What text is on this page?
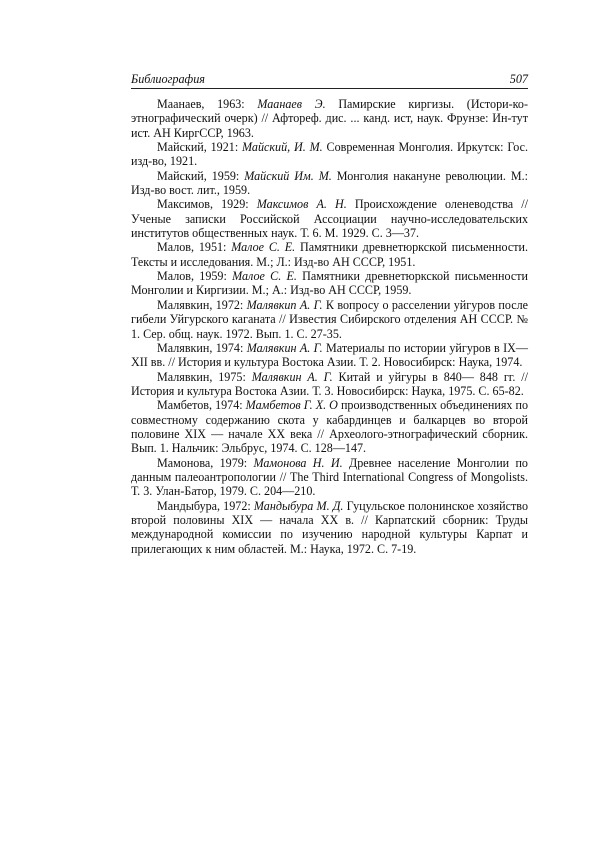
Библиография	507

Маанаев, 1963: Маанаев Э. Памирские киргизы. (Истори-ко-этнографический очерк) // Афтореф. дис. ... канд. ист, наук. Фрунзе: Ин-тут ист. АН КиргССР, 1963.

Майский, 1921: Майский, И. М. Современная Монголия. Иркутск: Гос. изд-во, 1921.

Майский, 1959: Майский Им. М. Монголия накануне революции. М.: Изд-во вост. лит., 1959.

Максимов, 1929: Максимов А. Н. Происхождение оленеводства // Ученые записки Российской Ассоциации научно-исследовательских институтов общественных наук. Т. 6. М. 1929. С. 3—37.

Малов, 1951: Малое С. Е. Памятники древнетюркской письменности. Тексты и исследования. М.; Л.: Изд-во АН СССР, 1951.

Малов, 1959: Малое С. Е. Памятники древнетюркской письменности Монголии и Киргизии. М.; А.: Изд-во АН СССР, 1959.

Малявкин, 1972: Малявкип А. Г. К вопросу о расселении уйгуров после гибели Уйгурского каганата // Известия Сибирского отделения АН СССР. № 1. Сер. общ. наук. 1972. Вып. 1. С. 27-35.

Малявкин, 1974: Малявкин А. Г. Материалы по истории уйгуров в IX—XII вв. // История и культура Востока Азии. Т. 2. Новосибирск: Наука, 1974.

Малявкин, 1975: Малявкин А. Г. Китай и уйгуры в 840— 848 гг. // История и культура Востока Азии. Т. 3. Новосибирск: Наука, 1975. С. 65-82.

Мамбетов, 1974: Мамбетов Г. Х. О производственных объединениях по совместному содержанию скота у кабардинцев и балкарцев во второй половине XIX — начале XX века // Археолого-этнографический сборник. Вып. 1. Нальчик: Эльбрус, 1974. С. 128—147.

Мамонова, 1979: Мамонова Н. И. Древнее население Монголии по данным палеоантропологии // The Third International Congress of Mongolists. Т. 3. Улан-Батор, 1979. С. 204—210.

Мандыбура, 1972: Мандыбура М. Д. Гуцульское полонинское хозяйство второй половины XIX — начала XX в. // Карпатский сборник: Труды международной комиссии по изучению народной культуры Карпат и прилегающих к ним областей. М.: Наука, 1972. С. 7-19.
